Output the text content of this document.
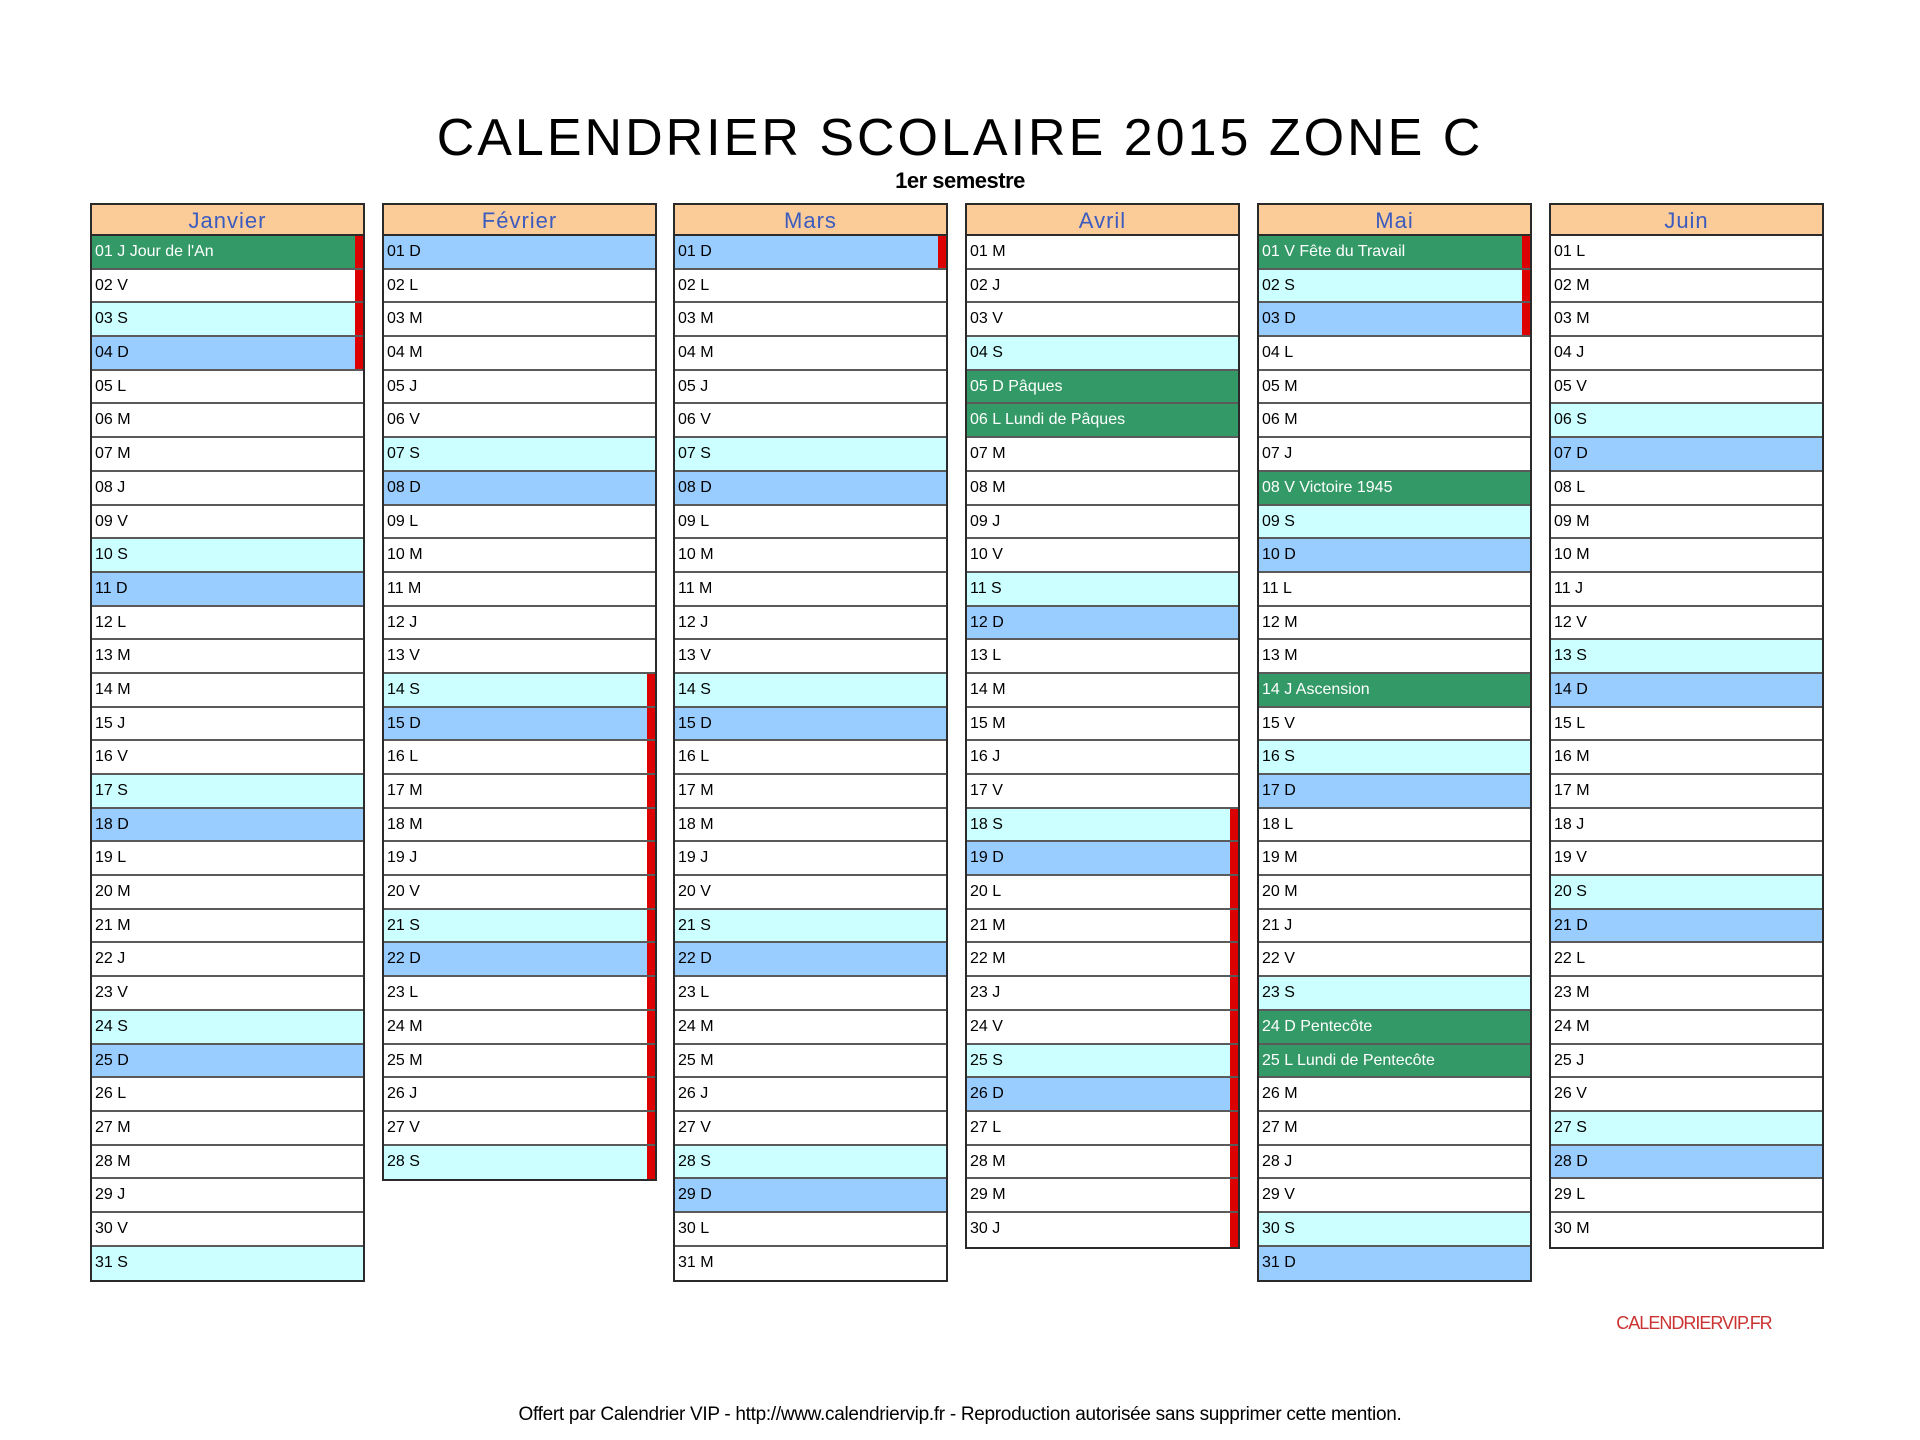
CALENDRIER SCOLAIRE 2015 ZONE C
1er semestre
Janvier
01 J Jour de l'An
02 V
03 S
04 D
05 L
06 M
07 M
08 J
09 V
10 S
11 D
12 L
13 M
14 M
15 J
16 V
17 S
18 D
19 L
20 M
21 M
22 J
23 V
24 S
25 D
26 L
27 M
28 M
29 J
30 V
31 S
Février
01 D
02 L
03 M
04 M
05 J
06 V
07 S
08 D
09 L
10 M
11 M
12 J
13 V
14 S
15 D
16 L
17 M
18 M
19 J
20 V
21 S
22 D
23 L
24 M
25 M
26 J
27 V
28 S
Mars
01 D
02 L
03 M
04 M
05 J
06 V
07 S
08 D
09 L
10 M
11 M
12 J
13 V
14 S
15 D
16 L
17 M
18 M
19 J
20 V
21 S
22 D
23 L
24 M
25 M
26 J
27 V
28 S
29 D
30 L
31 M
Avril
01 M
02 J
03 V
04 S
05 D Pâques
06 L Lundi de Pâques
07 M
08 M
09 J
10 V
11 S
12 D
13 L
14 M
15 M
16 J
17 V
18 S
19 D
20 L
21 M
22 M
23 J
24 V
25 S
26 D
27 L
28 M
29 M
30 J
Mai
01 V Fête du Travail
02 S
03 D
04 L
05 M
06 M
07 J
08 V Victoire 1945
09 S
10 D
11 L
12 M
13 M
14 J Ascension
15 V
16 S
17 D
18 L
19 M
20 M
21 J
22 V
23 S
24 D Pentecôte
25 L Lundi de Pentecôte
26 M
27 M
28 J
29 V
30 S
31 D
Juin
01 L
02 M
03 M
04 J
05 V
06 S
07 D
08 L
09 M
10 M
11 J
12 V
13 S
14 D
15 L
16 M
17 M
18 J
19 V
20 S
21 D
22 L
23 M
24 M
25 J
26 V
27 S
28 D
29 L
30 M
CALENDRIERVIP.FR
Offert par Calendrier VIP - http://www.calendriervip.fr - Reproduction autorisée sans supprimer cette mention.
